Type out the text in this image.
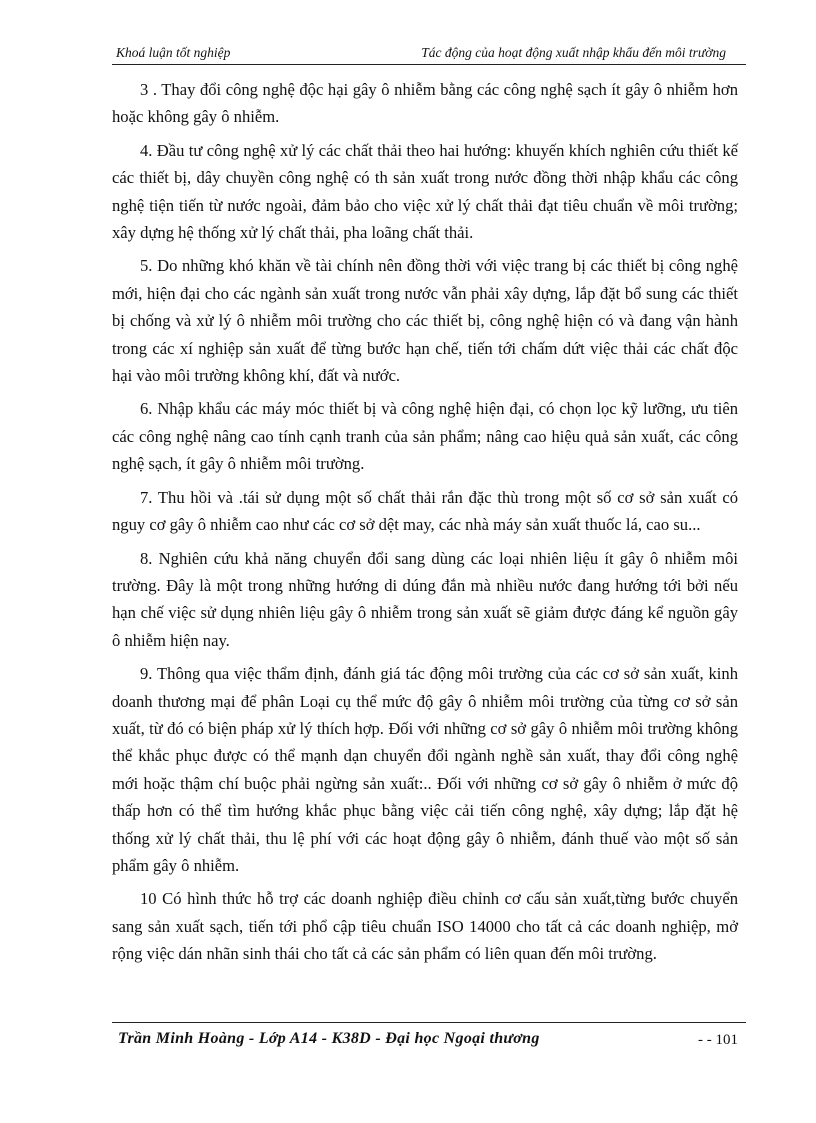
Khoá luận tốt nghiệp	Tác động của hoạt động xuất nhập khẩu đến môi trường

3 . Thay đổi công nghệ độc hại gây ô nhiễm bằng các công nghệ sạch ít gây ô nhiễm hơn hoặc không gây ô nhiễm.

4. Đầu tư công nghệ xử lý các chất thải theo hai hướng: khuyến khích nghiên cứu thiết kế các thiết bị, dây chuyền công nghệ có th sản xuất trong nước đồng thời nhập khẩu các công nghệ tiện tiến từ nước ngoài, đảm bảo cho việc xử lý chất thải đạt tiêu chuẩn về môi trường; xây dựng hệ thống xử lý chất thải, pha loãng chất thải.

5. Do những khó khăn về tài chính nên đồng thời với việc trang bị các thiết bị công nghệ mới, hiện đại cho các ngành sản xuất trong nước vẫn phải xây dựng, lắp đặt bổ sung các thiết bị chống và xử lý ô nhiễm môi trường cho các thiết bị, công nghệ hiện có và đang vận hành trong các xí nghiệp sản xuất để từng bước hạn chế, tiến tới chấm dứt việc thải các chất độc hại vào môi trường không khí, đất và nước.

6. Nhập khẩu các máy móc thiết bị và công nghệ hiện đại, có chọn lọc kỹ lưỡng, ưu tiên các công nghệ nâng cao tính cạnh tranh của sản phẩm; nâng cao hiệu quả sản xuất, các công nghệ sạch, ít gây ô nhiễm môi trường.

7. Thu hồi và .tái sử dụng một số chất thải rắn đặc thù trong một số cơ sở sản xuất có nguy cơ gây ô nhiễm cao như các cơ sở dệt may, các nhà máy sản xuất thuốc lá, cao su...

8. Nghiên cứu khả năng chuyển đổi sang dùng các loại nhiên liệu ít gây ô nhiễm môi trường. Đây là một trong những hướng di dúng đắn mà nhiều nước đang hướng tới bởi nếu hạn chế việc sử dụng nhiên liệu gây ô nhiễm trong sản xuất sẽ giảm được đáng kể nguồn gây ô nhiễm hiện nay.

9. Thông qua việc thẩm định, đánh giá tác động môi trường của các cơ sở sản xuất, kinh doanh thương mại để phân Loại cụ thể mức độ gây ô nhiễm môi trường của từng cơ sở sản xuất, từ đó có biện pháp xử lý thích hợp. Đối với những cơ sở gây ô nhiễm môi trường không thể khắc phục được có thể mạnh dạn chuyển đổi ngành nghề sản xuất, thay đổi công nghệ mới hoặc thậm chí buộc phải ngừng sản xuất:.. Đối với những cơ sở gây ô nhiễm ở mức độ thấp hơn có thể tìm hướng khắc phục bằng việc cải tiến công nghệ, xây dựng; lắp đặt hệ thống xử lý chất thải, thu lệ phí với các hoạt động gây ô nhiễm, đánh thuế vào một số sản phẩm gây ô nhiễm.

10 Có hình thức hỗ trợ các doanh nghiệp điều chỉnh cơ cấu sản xuất,từng bước chuyển sang sản xuất sạch, tiến tới phổ cập tiêu chuẩn ISO 14000 cho tất cả các doanh nghiệp, mở rộng việc dán nhãn sinh thái cho tất cả các sản phẩm có liên quan đến môi trường.

Trần Minh Hoàng - Lớp A14 - K38D - Đại học Ngoại thương	- - 101
